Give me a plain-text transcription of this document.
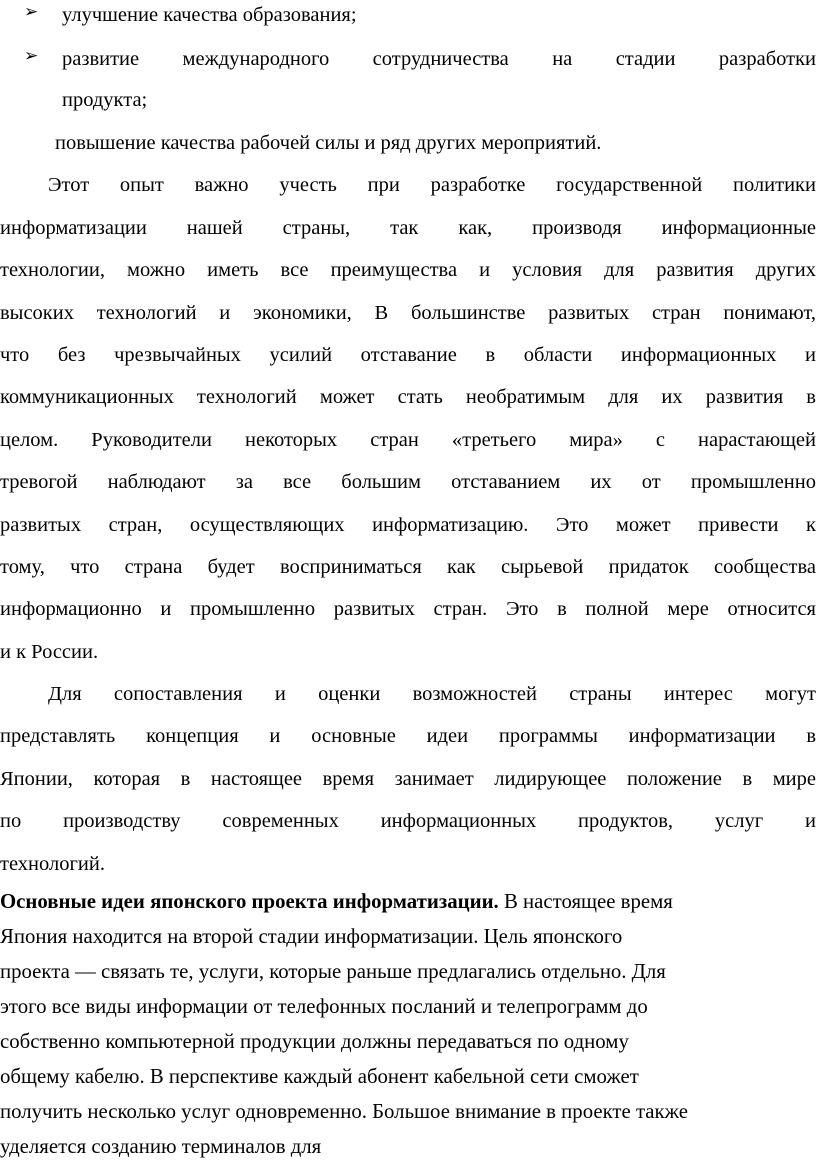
➢ улучшение качества образования;
➢ развитие международного сотрудничества на стадии разработки
продукта;
повышение качества рабочей силы и ряд других мероприятий.
Этот опыт важно учесть при разработке государственной политики
информатизации нашей страны, так как, производя информационные
технологии, можно иметь все преимущества и условия для развития других
высоких технологий и экономики, В большинстве развитых стран понимают,
что без чрезвычайных усилий отставание в области информационных и
коммуникационных технологий может стать необратимым для их развития в
целом. Руководители некоторых стран «третьего мира» с нарастающей
тревогой наблюдают за все большим отставанием их от промышленно
развитых стран, осуществляющих информатизацию. Это может привести к
тому, что страна будет восприниматься как сырьевой придаток сообщества
информационно и промышленно развитых стран. Это в полной мере относится
и к России.
Для сопоставления и оценки возможностей страны интерес могут
представлять концепция и основные идеи программы информатизации в
Японии, которая в настоящее время занимает лидирующее положение в мире
по производству современных информационных продуктов, услуг и
технологий.
Основные идеи японского проекта информатизации. В настоящее время
Япония находится на второй стадии информатизации. Цель японского
проекта — связать те, услуги, которые раньше предлагались отдельно. Для
этого все виды информации от телефонных посланий и телепрограмм до
собственно компьютерной продукции должны передаваться по одному
общему кабелю. В перспективе каждый абонент кабельной сети сможет
получить несколько услуг одновременно. Большое внимание в проекте также
уделяется созданию терминалов для
